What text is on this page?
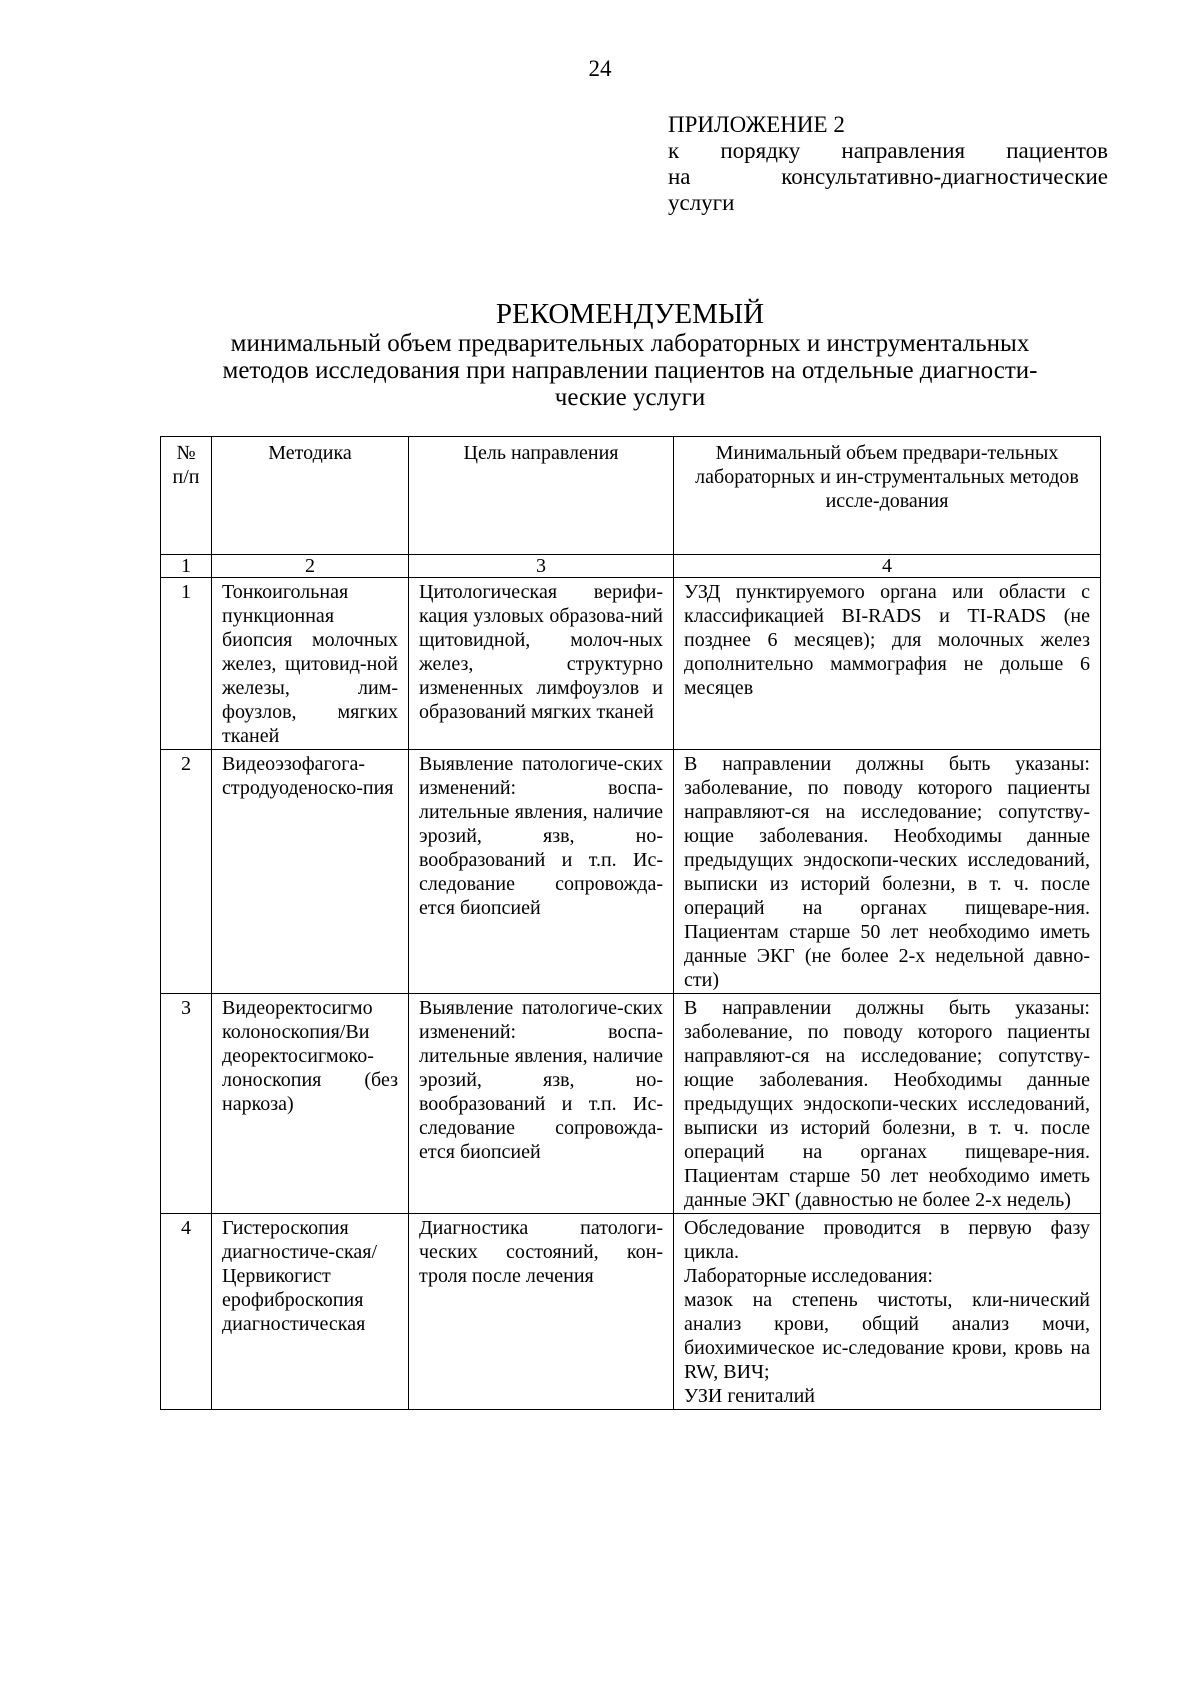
24
ПРИЛОЖЕНИЕ 2
к порядку направления пациентов
на консультативно-диагностические
услуги
РЕКОМЕНДУЕМЫЙ
минимальный объем предварительных лабораторных и инструментальных
методов исследования при направлении пациентов на отдельные диагности-
ческие услуги
№ п/п	Методика	Цель направления	Минимальный объем предвари-тельных лабораторных и ин-струментальных методов иссле-дования
1	2	3	4
1	Тонкоигольная пункционная биопсия молочных желез, щитовид-ной железы, лим-фоузлов, мягких тканей	Цитологическая верифи-кация узловых образова-ний щитовидной, молоч-ных желез, структурно измененных лимфоузлов и образований мягких тканей	УЗД пунктируемого органа или области с классификацией BI-RADS и TI-RADS (не позднее 6 месяцев); для молочных желез дополнительно маммография не дольше 6 месяцев
2	Видеоэзофагога-стродуоденоско-пия	Выявление патологиче-ских изменений: воспа-лительные явления, наличие эрозий, язв, но-вообразований и т.п. Ис-следование сопровожда-ется биопсией	В направлении должны быть указаны: заболевание, по поводу которого пациенты направляют-ся на исследование; сопутству-ющие заболевания. Необходимы данные предыдущих эндоскопи-ческих исследований, выписки из историй болезни, в т. ч. после операций на органах пищеваре-ния. Пациентам старше 50 лет необходимо иметь данные ЭКГ (не более 2-х недельной давно-сти)
3	Видеоректосигмо колоноскопия/Ви деоректосигмоко-лоноскопия (без наркоза)	Выявление патологиче-ских изменений: воспа-лительные явления, наличие эрозий, язв, но-вообразований и т.п. Ис-следование сопровожда-ется биопсией	В направлении должны быть указаны: заболевание, по поводу которого пациенты направляют-ся на исследование; сопутству-ющие заболевания. Необходимы данные предыдущих эндоскопи-ческих исследований, выписки из историй болезни, в т. ч. после операций на органах пищеваре-ния. Пациентам старше 50 лет необходимо иметь данные ЭКГ (давностью не более 2-х недель)
4	Гистероскопия диагностиче-ская/Цервикогист ерофиброскопия диагностическая	Диагностика патологи-ческих состояний, кон-троля после лечения	Обследование проводится в первую фазу цикла.
Лабораторные исследования:
мазок на степень чистоты, кли-нический анализ крови, общий анализ мочи, биохимическое ис-следование крови, кровь на RW, ВИЧ;
УЗИ гениталий
